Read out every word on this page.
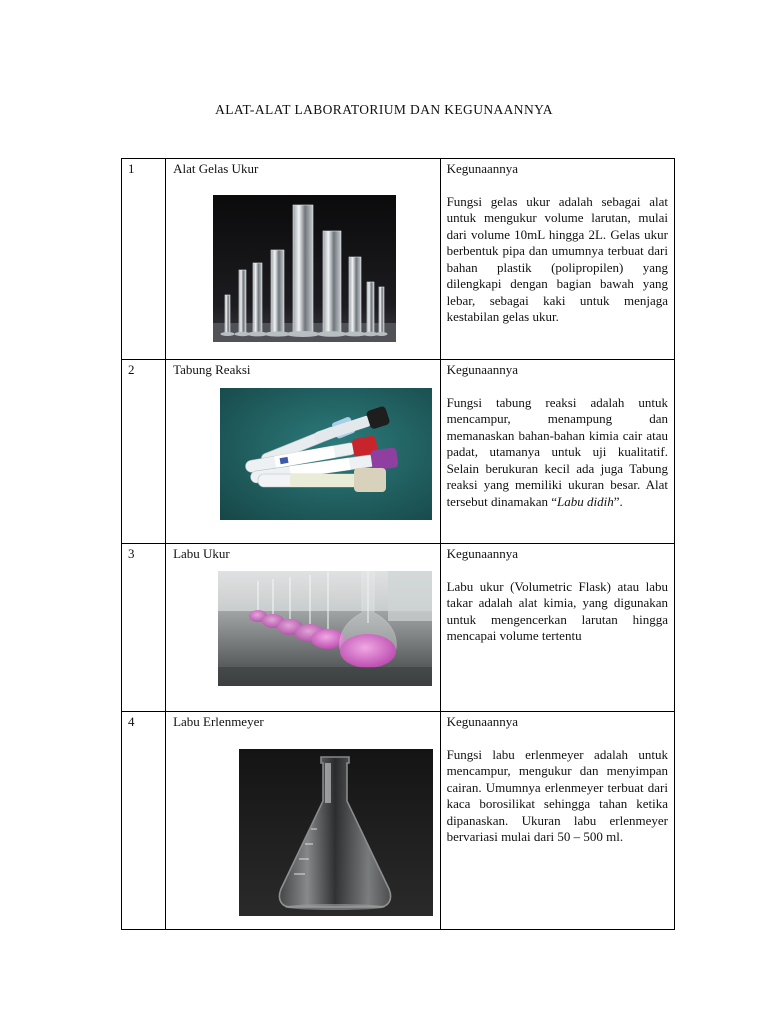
ALAT-ALAT LABORATORIUM DAN KEGUNAANNYA
1	Alat Gelas Ukur	Kegunaannya
Fungsi gelas ukur adalah sebagai alat untuk mengukur volume larutan, mulai dari volume 10mL hingga 2L. Gelas ukur berbentuk pipa dan umumnya terbuat dari bahan plastik (polipropilen) yang dilengkapi dengan bagian bawah yang lebar, sebagai kaki untuk menjaga kestabilan gelas ukur.

2	Tabung Reaksi	Kegunaannya
Fungsi tabung reaksi adalah untuk mencampur, menampung dan memanaskan bahan-bahan kimia cair atau padat, utamanya untuk uji kualitatif. Selain berukuran kecil ada juga Tabung reaksi yang memiliki ukuran besar. Alat tersebut dinamakan “Labu didih”.

3	Labu Ukur	Kegunaannya
Labu ukur (Volumetric Flask) atau labu takar adalah alat kimia, yang digunakan untuk mengencerkan larutan hingga mencapai volume tertentu

4	Labu Erlenmeyer	Kegunaannya
Fungsi labu erlenmeyer adalah untuk mencampur, mengukur dan menyimpan cairan. Umumnya erlenmeyer terbuat dari kaca borosilikat sehingga tahan ketika dipanaskan. Ukuran labu erlenmeyer bervariasi mulai dari 50 – 500 ml.
